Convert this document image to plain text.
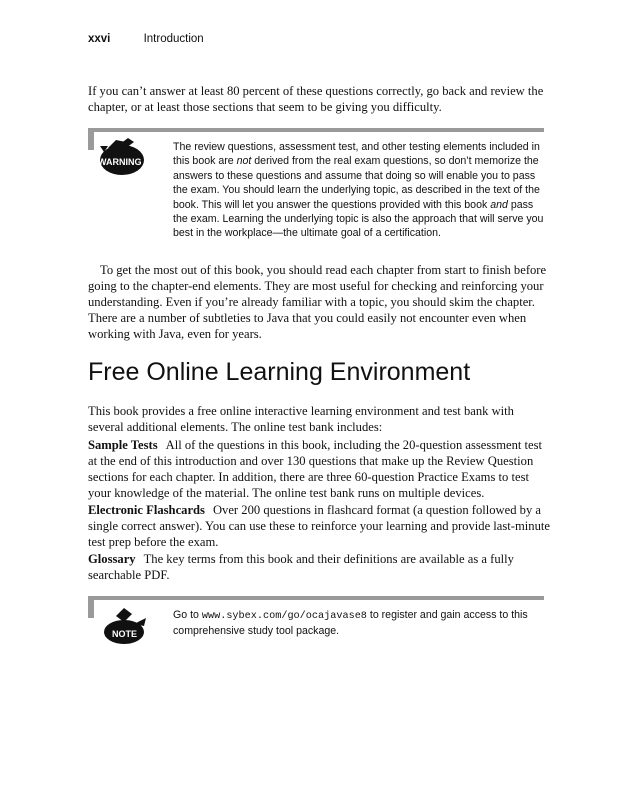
xxvi	Introduction

If you can’t answer at least 80 percent of these questions correctly, go back and review the chapter, or at least those sections that seem to be giving you difficulty.

WARNING
The review questions, assessment test, and other testing elements included in this book are not derived from the real exam questions, so don’t memorize the answers to these questions and assume that doing so will enable you to pass the exam. You should learn the underlying topic, as described in the text of the book. This will let you answer the questions provided with this book and pass the exam. Learning the underlying topic is also the approach that will serve you best in the workplace—the ultimate goal of a certification.

To get the most out of this book, you should read each chapter from start to finish before going to the chapter-end elements. They are most useful for checking and reinforcing your understanding. Even if you’re already familiar with a topic, you should skim the chapter. There are a number of subtleties to Java that you could easily not encounter even when working with Java, even for years.

Free Online Learning Environment

This book provides a free online interactive learning environment and test bank with several additional elements. The online test bank includes:

Sample Tests All of the questions in this book, including the 20-question assessment test at the end of this introduction and over 130 questions that make up the Review Question sections for each chapter. In addition, there are three 60-question Practice Exams to test your knowledge of the material. The online test bank runs on multiple devices.

Electronic Flashcards Over 200 questions in flashcard format (a question followed by a single correct answer). You can use these to reinforce your learning and provide last-minute test prep before the exam.

Glossary The key terms from this book and their definitions are available as a fully searchable PDF.

NOTE
Go to www.sybex.com/go/ocajavase8 to register and gain access to this comprehensive study tool package.
